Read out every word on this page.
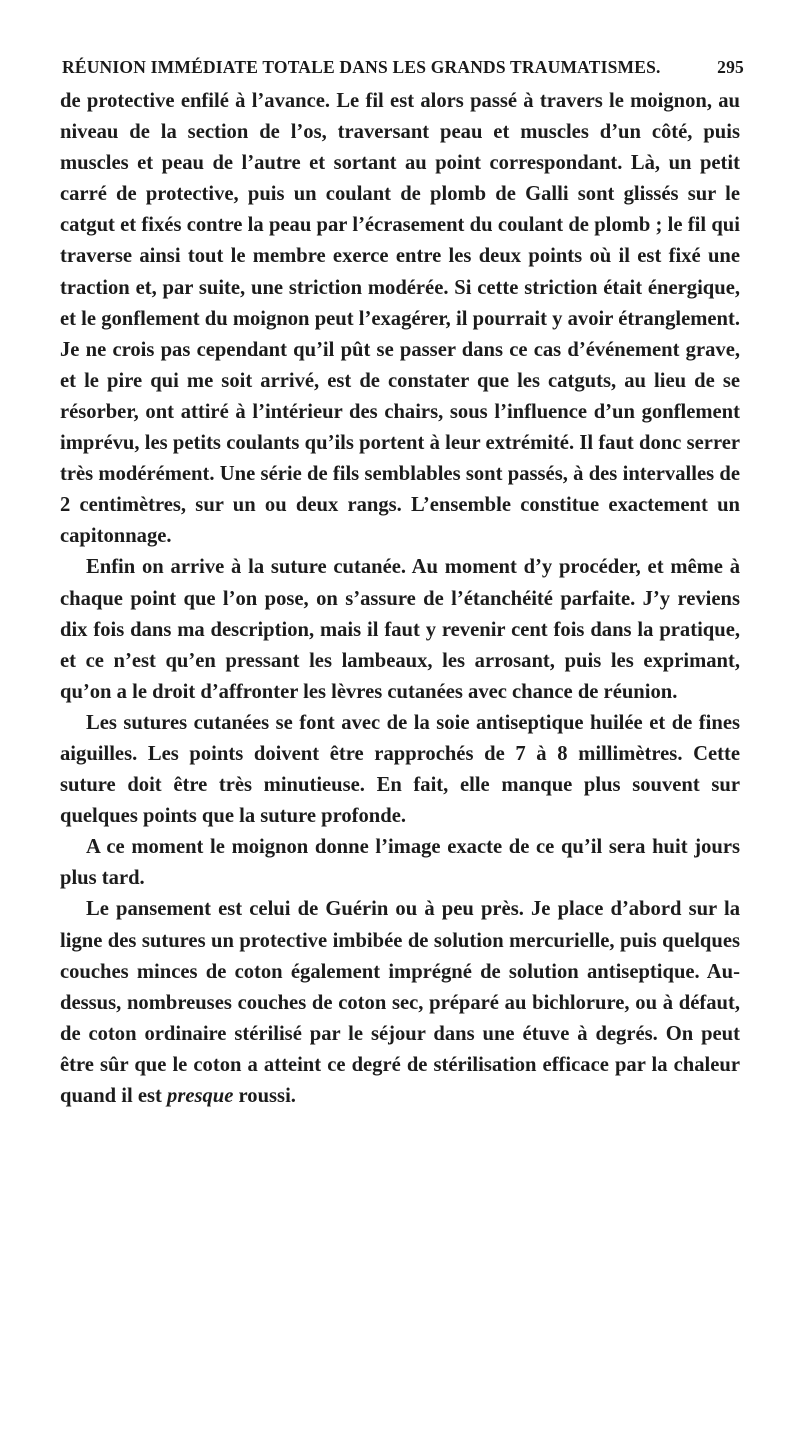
RÉUNION IMMÉDIATE TOTALE DANS LES GRANDS TRAUMATISMES.	295

de protective enfilé à l’avance. Le fil est alors passé à travers le moignon, au niveau de la section de l’os, traversant peau et muscles d’un côté, puis muscles et peau de l’autre et sortant au point correspondant. Là, un petit carré de protective, puis un coulant de plomb de Galli sont glissés sur le catgut et fixés contre la peau par l’écrasement du coulant de plomb ; le fil qui traverse ainsi tout le membre exerce entre les deux points où il est fixé une traction et, par suite, une striction modérée. Si cette striction était énergique, et le gonflement du moignon peut l’exagérer, il pourrait y avoir étranglement. Je ne crois pas cependant qu’il pût se passer dans ce cas d’événement grave, et le pire qui me soit arrivé, est de constater que les catguts, au lieu de se résorber, ont attiré à l’intérieur des chairs, sous l’influence d’un gonflement imprévu, les petits coulants qu’ils portent à leur extrémité. Il faut donc serrer très modérément. Une série de fils semblables sont passés, à des intervalles de 2 centimètres, sur un ou deux rangs. L’ensemble constitue exactement un capitonnage.

Enfin on arrive à la suture cutanée. Au moment d’y procéder, et même à chaque point que l’on pose, on s’assure de l’étanchéité parfaite. J’y reviens dix fois dans ma description, mais il faut y revenir cent fois dans la pratique, et ce n’est qu’en pressant les lambeaux, les arrosant, puis les exprimant, qu’on a le droit d’affronter les lèvres cutanées avec chance de réunion.

Les sutures cutanées se font avec de la soie antiseptique huilée et de fines aiguilles. Les points doivent être rapprochés de 7 à 8 millimètres. Cette suture doit être très minutieuse. En fait, elle manque plus souvent sur quelques points que la suture profonde.

A ce moment le moignon donne l’image exacte de ce qu’il sera huit jours plus tard.

Le pansement est celui de Guérin ou à peu près. Je place d’abord sur la ligne des sutures un protective imbibée de solution mercurielle, puis quelques couches minces de coton également imprégné de solution antiseptique. Au-dessus, nombreuses couches de coton sec, préparé au bichlorure, ou à défaut, de coton ordinaire stérilisé par le séjour dans une étuve à degrés. On peut être sûr que le coton a atteint ce degré de stérilisation efficace par la chaleur quand il est presque roussi.
